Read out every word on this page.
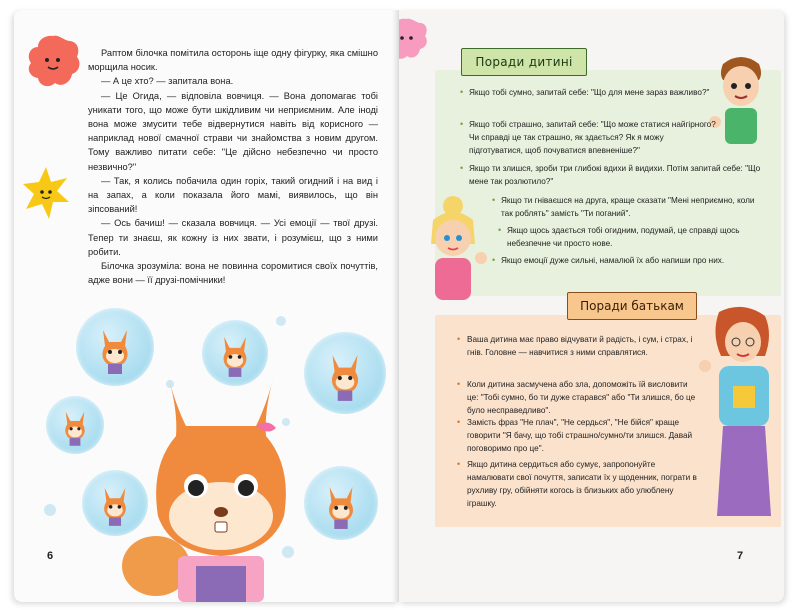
Раптом білочка помітила осторонь іще одну фігурку, яка смішно морщила носик.

— А це хто? — запитала вона.

— Це Огида, — відповіла вовчиця. — Вона допомагає тобі уникати того, що може бути шкідливим чи неприємним. Але іноді вона може змусити тебе відвернутися навіть від корисного — наприклад нової смачної страви чи знайомства з новим другом. Тому важливо питати себе: "Це дійсно небезпечно чи просто незвично?"

— Так, я колись побачила один горіх, такий огидний і на вид і на запах, а коли показала його мамі, виявилось, що він зіпсований!

— Ось бачиш! — сказала вовчиця. — Усі емоції — твої друзі. Тепер ти знаєш, як кожну із них звати, і розумієш, що з ними робити.

Білочка зрозуміла: вона не повинна соромитися своїх почуттів, адже вони — її друзі-помічники!

6
Поради дитині
• Якщо тобі сумно, запитай себе: "Що для мене зараз важливо?"
• Якщо тобі страшно, запитай себе: "Що може статися найгірного? Чи справді це так страшно, як здається? Як я можу підготуватися, щоб почуватися впевненіше?"
• Якщо ти злишся, зроби три глибокі вдихи й видихи. Потім запитай себе: "Що мене так розлютило?"
• Якщо ти гніваєшся на друга, краще сказати "Мені неприємно, коли так роблять" замість "Ти поганий".
• Якщо щось здається тобі огидним, подумай, це справді щось небезпечне чи просто нове.
• Якщо емоції дуже сильні, намалюй їх або напиши про них.
Поради батькам
• Ваша дитина має право відчувати й радість, і сум, і страх, і гнів. Головне — навчитися з ними справлятися.
• Коли дитина засмучена або зла, допоможіть їй висловити це: "Тобі сумно, бо ти дуже старався" або "Ти злишся, бо це було несправедливо".
• Замість фраз "Не плач", "Не сердься", "Не бійся" краще говорити "Я бачу, що тобі страшно/сумно/ти злишся. Давай поговоримо про це".
• Якщо дитина сердиться або сумує, запропонуйте намалювати свої почуття, записати їх у щоденник, пограти в рухливу гру, обійняти когось із близьких або улюблену іграшку.
7
